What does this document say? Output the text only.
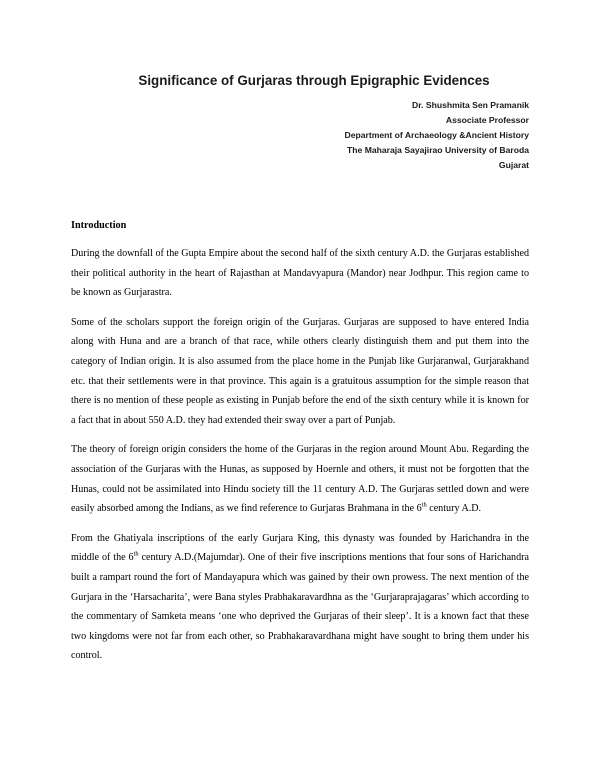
Significance of Gurjaras through Epigraphic Evidences
Dr. Shushmita Sen Pramanik
Associate Professor
Department of Archaeology &Ancient History
The Maharaja Sayajirao University of Baroda
Gujarat
Introduction

During the downfall of the Gupta Empire about the second half of the sixth century A.D. the Gurjaras established their political authority in the heart of Rajasthan at Mandavyapura (Mandor) near Jodhpur. This region came to be known as Gurjarastra.

Some of the scholars support the foreign origin of the Gurjaras. Gurjaras are supposed to have entered India along with Huna and are a branch of that race, while others clearly distinguish them and put them into the category of Indian origin. It is also assumed from the place home in the Punjab like Gurjaranwal, Gurjarakhand etc. that their settlements were in that province. This again is a gratuitous assumption for the simple reason that there is no mention of these people as existing in Punjab before the end of the sixth century while it is known for a fact that in about 550 A.D. they had extended their sway over a part of Punjab.

The theory of foreign origin considers the home of the Gurjaras in the region around Mount Abu. Regarding the association of the Gurjaras with the Hunas, as supposed by Hoernle and others, it must not be forgotten that the Hunas, could not be assimilated into Hindu society till the 11 century A.D. The Gurjaras settled down and were easily absorbed among the Indians, as we find reference to Gurjaras Brahmana in the 6th century A.D.

From the Ghatiyala inscriptions of the early Gurjara King, this dynasty was founded by Harichandra in the middle of the 6th century A.D.(Majumdar). One of their five inscriptions mentions that four sons of Harichandra built a rampart round the fort of Mandayapura which was gained by their own prowess. The next mention of the Gurjara in the ‘Harsacharita’, were Bana styles Prabhakaravardhna as the ‘Gurjaraprajagaras’ which according to the commentary of Samketa means ‘one who deprived the Gurjaras of their sleep’. It is a known fact that these two kingdoms were not far from each other, so Prabhakaravardhana might have sought to bring them under his control.
